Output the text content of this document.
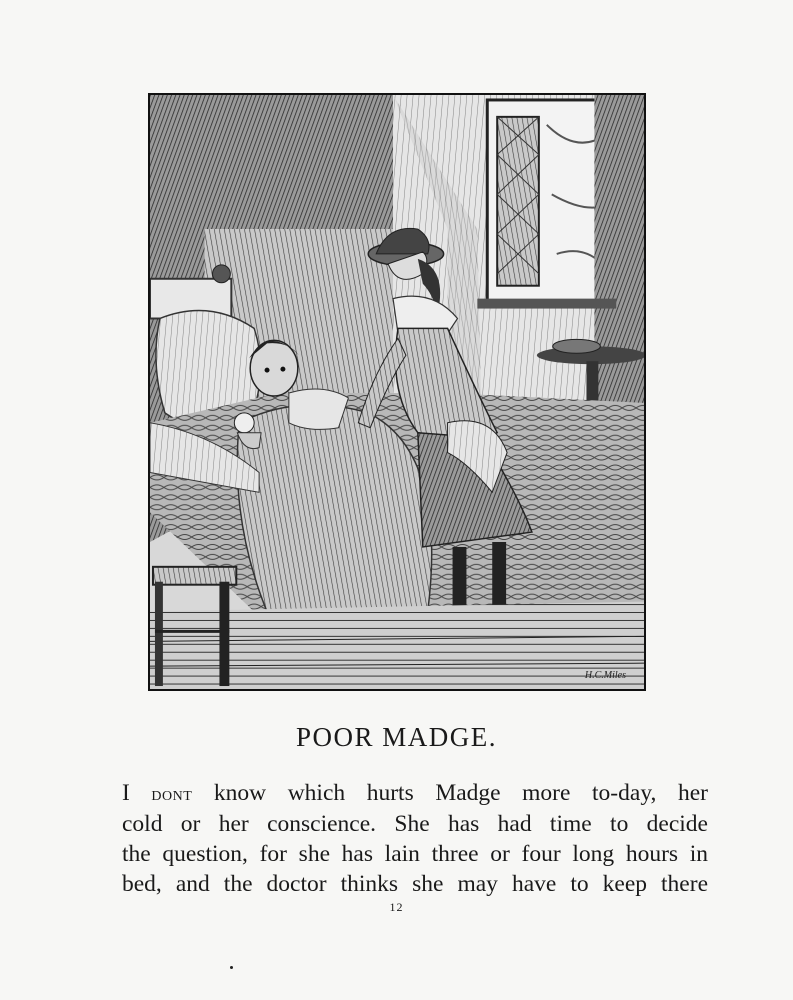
H.C.Miles
POOR MADGE.
I dont know which hurts Madge more to-day, her
cold or her conscience. She has had time to decide
the question, for she has lain three or four long hours in
bed, and the doctor thinks she may have to keep there
12
